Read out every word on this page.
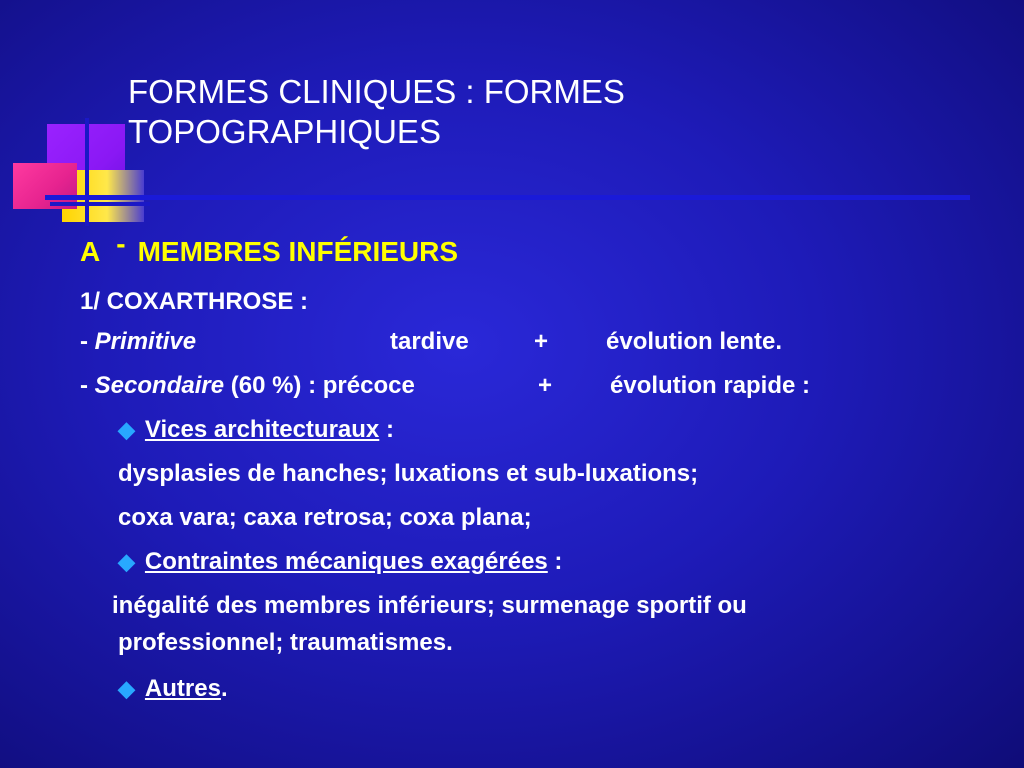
FORMES CLINIQUES : FORMES TOPOGRAPHIQUES
A - MEMBRES INFÉRIEURS
1/ COXARTHROSE :
- Primitive	tardive	+ évolution lente.
- Secondaire (60 %) : précoce	+ évolution rapide :
◆ Vices architecturaux :
dysplasies de hanches; luxations et sub-luxations;
coxa vara; caxa retrosa; coxa plana;
◆ Contraintes mécaniques exagérées :
inégalité des membres inférieurs; surmenage sportif ou
professionnel; traumatismes.
◆ Autres.
